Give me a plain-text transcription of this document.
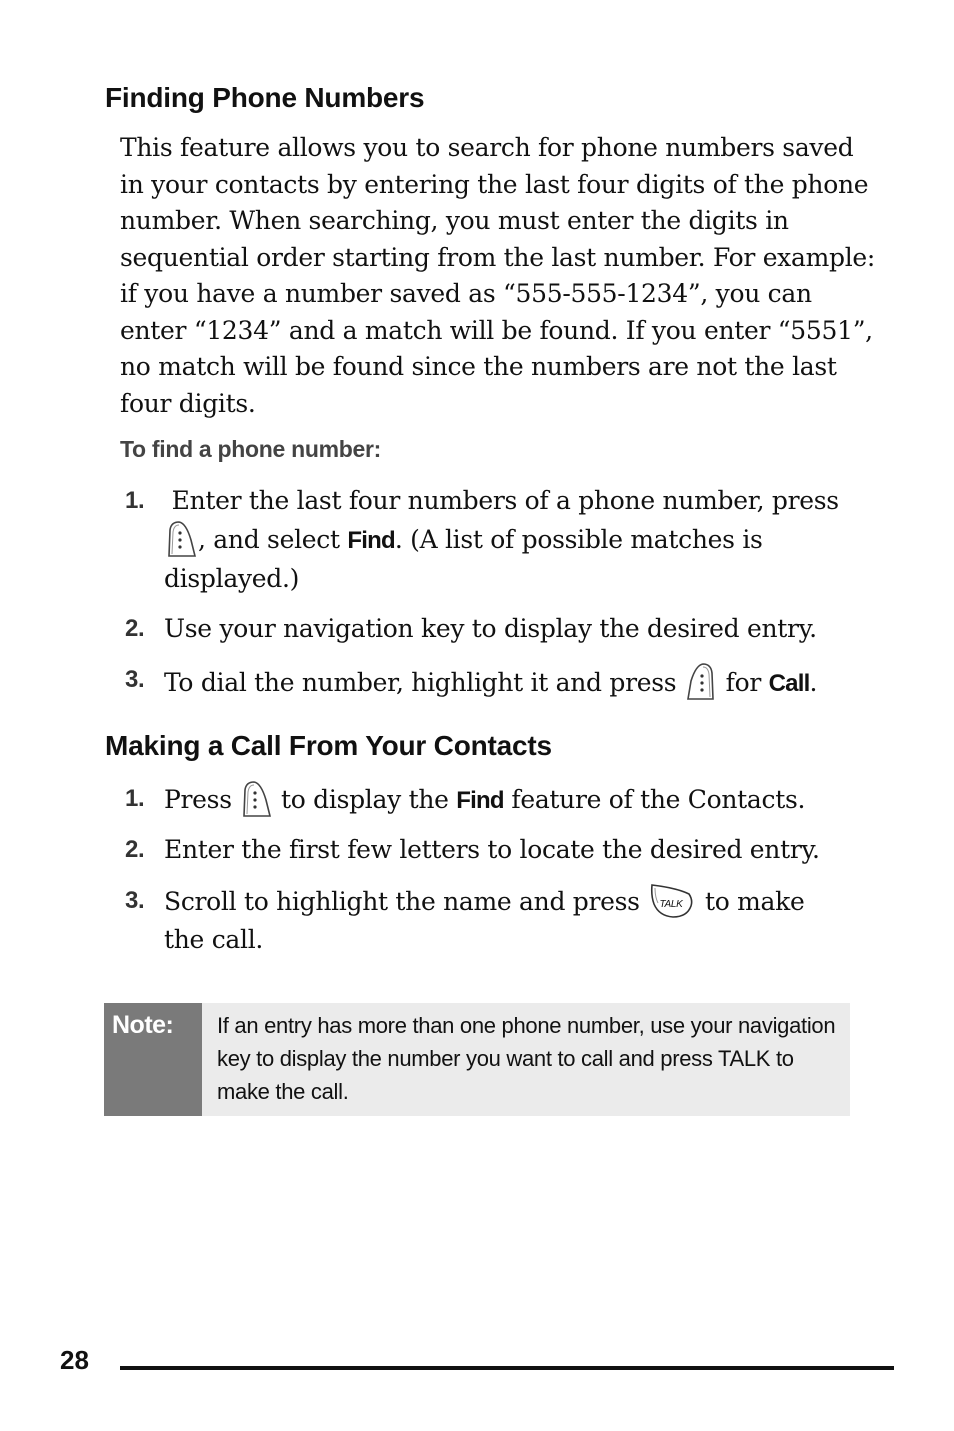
Finding Phone Numbers

This feature allows you to search for phone numbers saved in your contacts by entering the last four digits of the phone number. When searching, you must enter the digits in sequential order starting from the last number. For example: if you have a number saved as “555-555-1234”, you can enter “1234” and a match will be found. If you enter “5551”, no match will be found since the numbers are not the last four digits.

To find a phone number:

1. Enter the last four numbers of a phone number, press , and select Find. (A list of possible matches is displayed.)
2. Use your navigation key to display the desired entry.
3. To dial the number, highlight it and press  for Call.
Making a Call From Your Contacts
1. Press  to display the Find feature of the Contacts.
2. Enter the first few letters to locate the desired entry.
3. Scroll to highlight the name and press TALK to make the call.
Note:	If an entry has more than one phone number, use your navigation key to display the number you want to call and press TALK to make the call.
28
